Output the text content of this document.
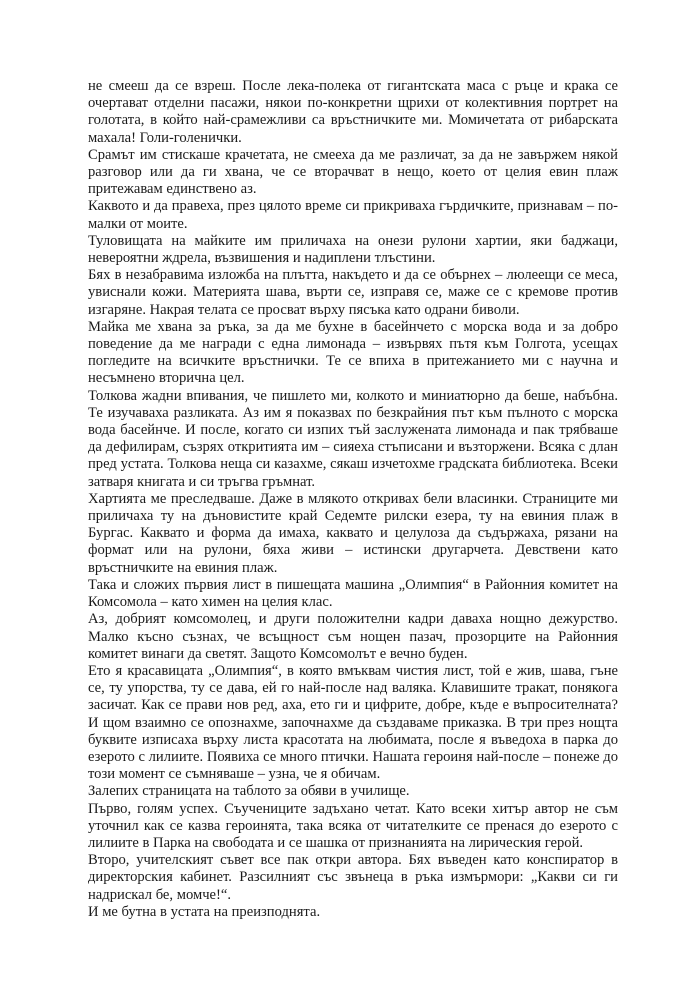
не смееш да се взреш. После лека-полека от гигантската маса с ръце и крака се очертават отделни пасажи, някои по-конкретни щрихи от колективния портрет на голотата, в който най-срамежливи са връстничките ми. Момичетата от рибарската махала! Голи-голенички.

Срамът им стискаше крачетата, не смееха да ме различат, за да не завържем някой разговор или да ги хвана, че се вторачват в нещо, което от целия евин плаж притежавам единствено аз.

Каквото и да правеха, през цялото време си прикриваха гърдичките, признавам – по-малки от моите.

Туловищата на майките им приличаха на онези рулони хартии, яки баджаци, невероятни ждрела, възвишения и надиплени тлъстини.

Бях в незабравима изложба на плътта, накъдето и да се обърнех – люлеещи се меса, увиснали кожи. Материята шава, върти се, изправя се, маже се с кремове против изгаряне. Накрая телата се просват върху пясъка като одрани биволи.

Майка ме хвана за ръка, за да ме бухне в басейнчето с морска вода и за добро поведение да ме награди с една лимонада – извървях пътя към Голгота, усещах погледите на всичките връстнички. Те се впиха в притежанието ми с научна и несъмнено вторична цел.

Толкова жадни впивания, че пишлето ми, колкото и миниатюрно да беше, набъбна. Те изучаваха разликата. Аз им я показвах по безкрайния път към пълното с морска вода басейнче. И после, когато си изпих тъй заслужената лимонада и пак трябваше да дефилирам, съзрях откритията им – сияеха стъписани и възторжени. Всяка с длан пред устата. Толкова неща си казахме, сякаш изчетохме градската библиотека. Всеки затваря книгата и си тръгва гръмнат.

Хартията ме преследваше. Даже в млякото откривах бели власинки. Страниците ми приличаха ту на дъновистите край Седемте рилски езера, ту на евиния плаж в Бургас. Каквато и форма да имаха, каквато и целулоза да съдържаха, рязани на формат или на рулони, бяха живи – истински другарчета. Девствени като връстничките на евиния плаж.

Така и сложих първия лист в пишещата машина „Олимпия“ в Районния комитет на Комсомола – като химен на целия клас.

Аз, добрият комсомолец, и други положителни кадри давахa нощно дежурство. Малко късно съзнах, че всъщност съм нощен пазач, прозорците на Районния комитет винаги да светят. Защото Комсомолът е вечно буден.

Ето я красавицата „Олимпия“, в която вмъквам чистия лист, той е жив, шава, гъне се, ту упорства, ту се дава, ей го най-после над валяка. Клавишите тракат, понякога засичат. Как се прави нов ред, аха, ето ги и цифрите, добре, къде е въпросителната? И щом взаимно се опознахме, започнахме да създаваме приказка. В три през нощта буквите изписаха върху листа красотата на любимата, после я въведоха в парка до езерото с лилиите. Появиха се много птички. Нашата героиня най-после – понеже до този момент се съмняваше – узна, че я обичам.

Залепих страницата на таблото за обяви в училище.

Първо, голям успех. Съучениците задъхано четат. Като всеки хитър автор не съм уточнил как се казва героинята, така всяка от читателките се пренася до езерото с лилиите в Парка на свободата и се шашка от признанията на лирическия герой.

Второ, учителският съвет все пак откри автора. Бях въведен като конспиратор в директорския кабинет. Разсилният със звънеца в ръка измърмори: „Какви си ги надрискал бе, момче!“.

И ме бутна в устата на преизподнята.
